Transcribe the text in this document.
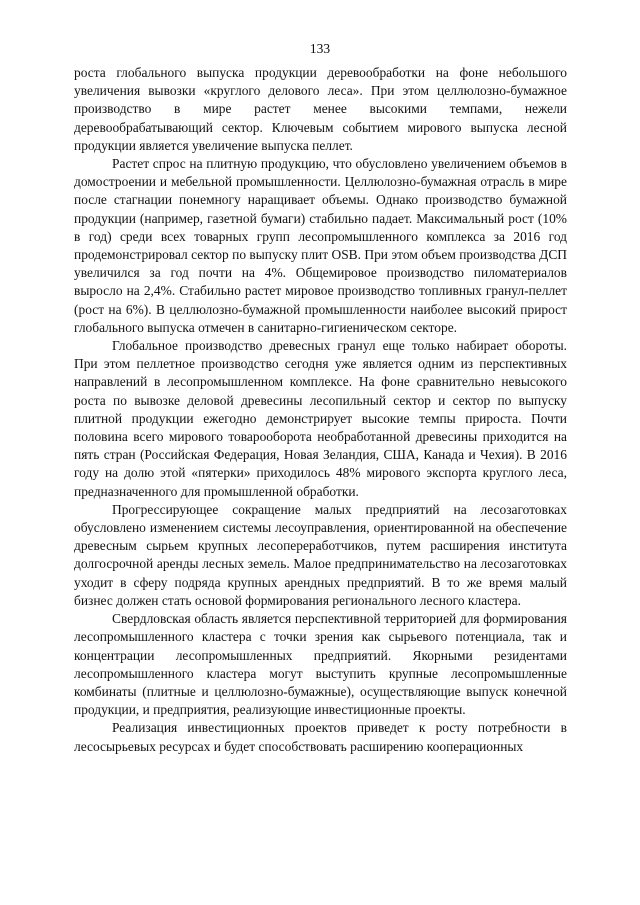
133

роста глобального выпуска продукции деревообработки на фоне небольшого увеличения вывозки «круглого делового леса». При этом целлюлозно-бумажное производство в мире растет менее высокими темпами, нежели деревообрабатывающий сектор. Ключевым событием мирового выпуска лесной продукции является увеличение выпуска пеллет.

Растет спрос на плитную продукцию, что обусловлено увеличением объемов в домостроении и мебельной промышленности. Целлюлозно-бумажная отрасль в мире после стагнации понемногу наращивает объемы. Однако производство бумажной продукции (например, газетной бумаги) стабильно падает. Максимальный рост (10% в год) среди всех товарных групп лесопромышленного комплекса за 2016 год продемонстрировал сектор по выпуску плит OSB. При этом объем производства ДСП увеличился за год почти на 4%. Общемировое производство пиломатериалов выросло на 2,4%. Стабильно растет мировое производство топливных гранул-пеллет (рост на 6%). В целлюлозно-бумажной промышленности наиболее высокий прирост глобального выпуска отмечен в санитарно-гигиеническом секторе.

Глобальное производство древесных гранул еще только набирает обороты. При этом пеллетное производство сегодня уже является одним из перспективных направлений в лесопромышленном комплексе. На фоне сравнительно невысокого роста по вывозке деловой древесины лесопильный сектор и сектор по выпуску плитной продукции ежегодно демонстрирует высокие темпы прироста. Почти половина всего мирового товарооборота необработанной древесины приходится на пять стран (Российская Федерация, Новая Зеландия, США, Канада и Чехия). В 2016 году на долю этой «пятерки» приходилось 48% мирового экспорта круглого леса, предназначенного для промышленной обработки.

Прогрессирующее сокращение малых предприятий на лесозаготовках обусловлено изменением системы лесоуправления, ориентированной на обеспечение древесным сырьем крупных лесопереработчиков, путем расширения института долгосрочной аренды лесных земель. Малое предпринимательство на лесозаготовках уходит в сферу подряда крупных арендных предприятий. В то же время малый бизнес должен стать основой формирования регионального лесного кластера.

Свердловская область является перспективной территорией для формирования лесопромышленного кластера с точки зрения как сырьевого потенциала, так и концентрации лесопромышленных предприятий. Якорными резидентами лесопромышленного кластера могут выступить крупные лесопромышленные комбинаты (плитные и целлюлозно-бумажные), осуществляющие выпуск конечной продукции, и предприятия, реализующие инвестиционные проекты.

Реализация инвестиционных проектов приведет к росту потребности в лесосырьевых ресурсах и будет способствовать расширению кооперационных
